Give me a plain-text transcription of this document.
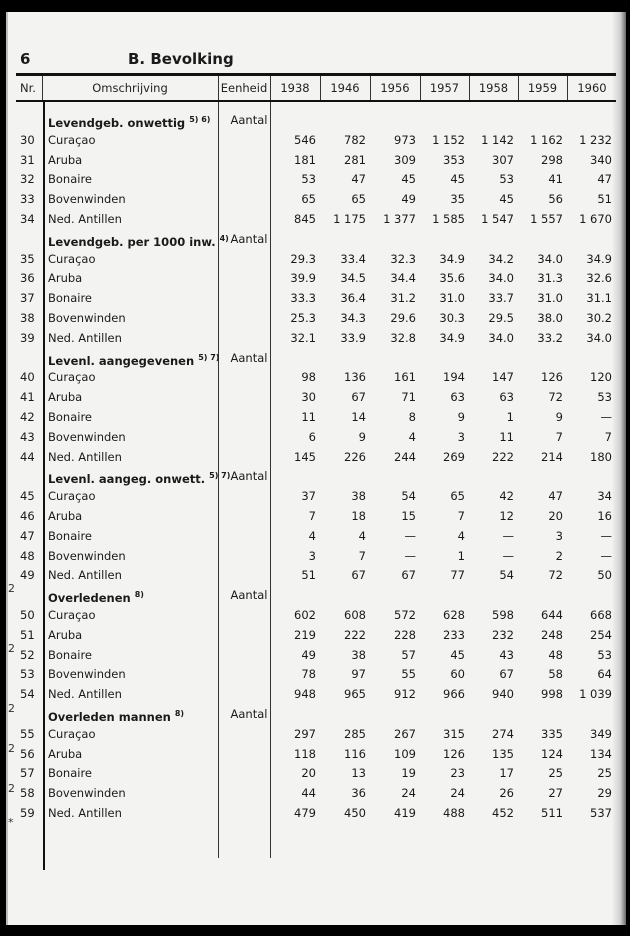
6	B. Bevolking
Nr.	Omschrijving	Eenheid	1938	1946	1956	1957	1958	1959	1960
Levendgeb. onwettig $^{5) 6)}$	Aantal
30	Curaçao	546	782	973	1 152	1 142	1 162	1 232
31	Aruba	181	281	309	353	307	298	340
32	Bonaire	53	47	45	45	53	41	47
33	Bovenwinden	65	65	49	35	45	56	51
34	Ned. Antillen	845	1 175	1 377	1 585	1 547	1 557	1 670
Levendgeb. per 1000 inw. $^{4)}$ Aantal
35	Curaçao	29.3	33.4	32.3	34.9	34.2	34.0	34.9
36	Aruba	39.9	34.5	34.4	35.6	34.0	31.3	32.6
37	Bonaire	33.3	36.4	31.2	31.0	33.7	31.0	31.1
38	Bovenwinden	25.3	34.3	29.6	30.3	29.5	38.0	30.2
39	Ned. Antillen	32.1	33.9	32.8	34.9	34.0	33.2	34.0
Levenl. aangegevenen $^{5) 7)}$ Aantal
40	Curaçao	98	136	161	194	147	126	120
41	Aruba	30	67	71	63	63	72	53
42	Bonaire	11	14	8	9	1	9	—
43	Bovenwinden	6	9	4	3	11	7	7
44	Ned. Antillen	145	226	244	269	222	214	180
Levenl. aangeg. onwett. $^{5) 7)}$ Aantal
45	Curaçao	37	38	54	65	42	47	34
46	Aruba	7	18	15	7	12	20	16
47	Bonaire	4	4	—	4	—	3	—
48	Bovenwinden	3	7	—	1	—	2	—
49	Ned. Antillen	51	67	67	77	54	72	50
Overledenen $^{8)}$	Aantal
50	Curaçao	602	608	572	628	598	644	668
51	Aruba	219	222	228	233	232	248	254
52	Bonaire	49	38	57	45	43	48	53
53	Bovenwinden	78	97	55	60	67	58	64
54	Ned. Antillen	948	965	912	966	940	998	1 039
Overleden mannen $^{8)}$	Aantal
55	Curaçao	297	285	267	315	274	335	349
56	Aruba	118	116	109	126	135	124	134
57	Bonaire	20	13	19	23	17	25	25
58	Bovenwinden	44	36	24	24	26	27	29
59	Ned. Antillen	479	450	419	488	452	511	537
2
2
2
2
2
*
